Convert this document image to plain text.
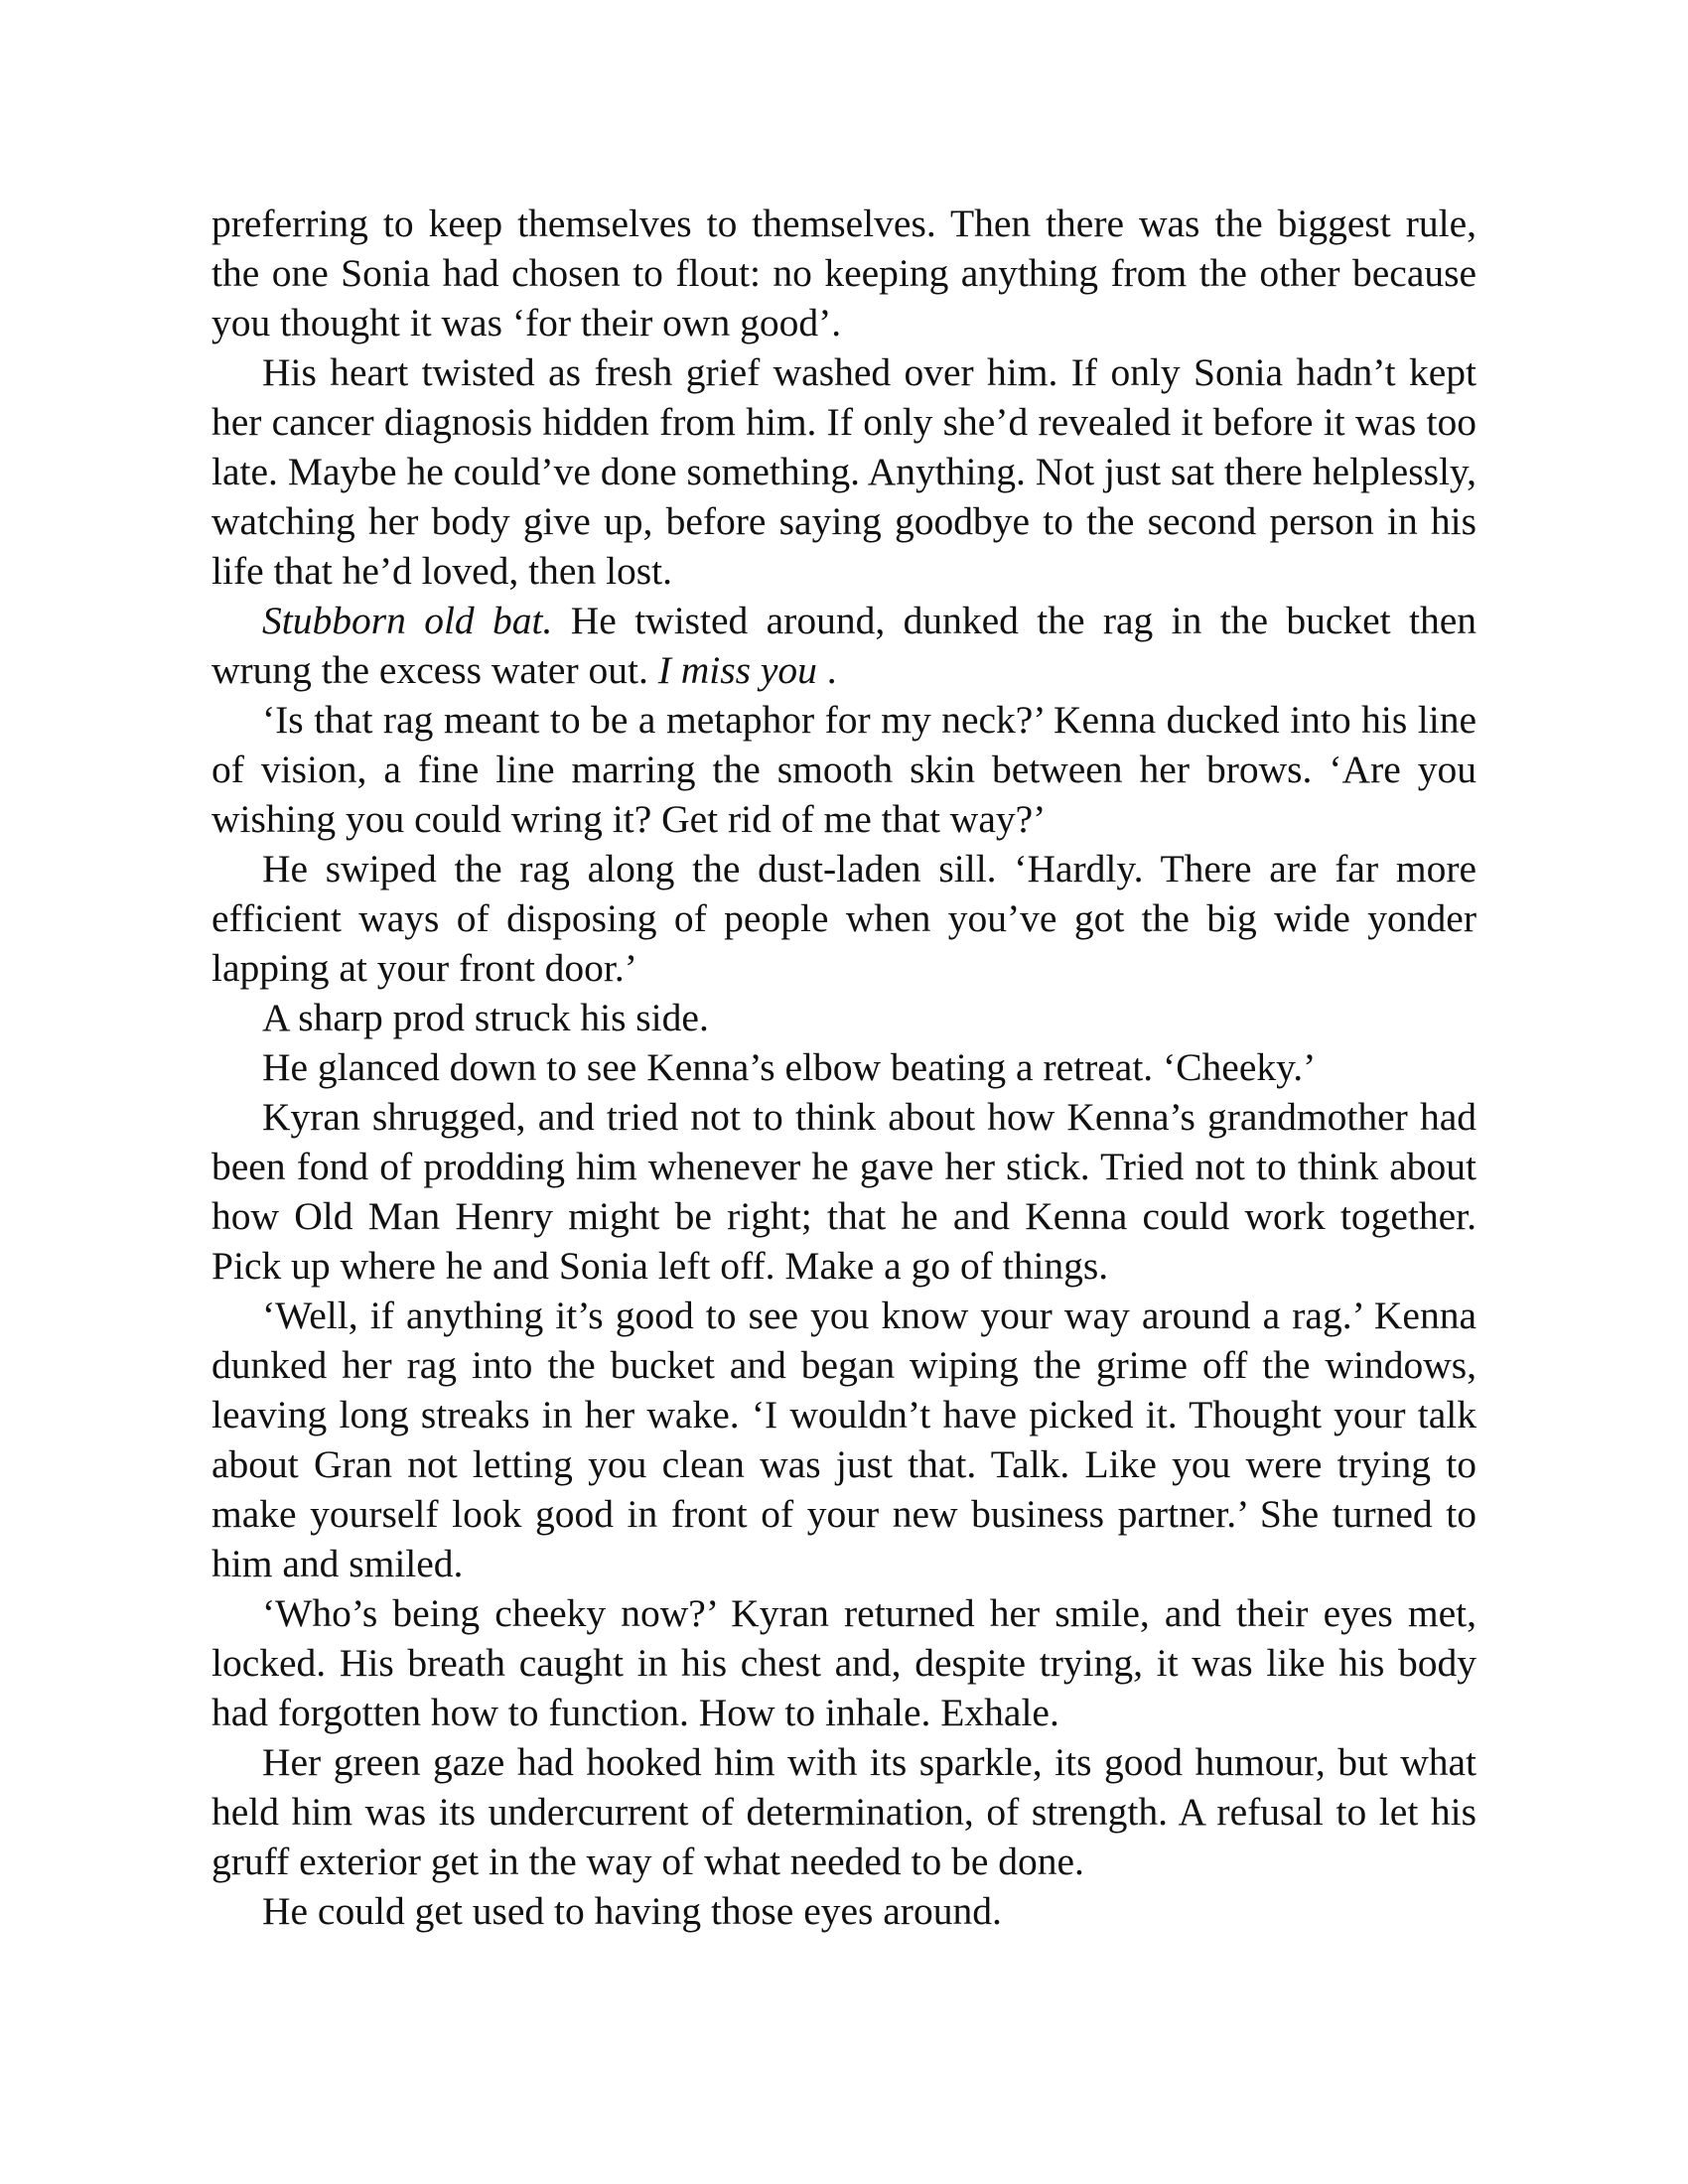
preferring to keep themselves to themselves. Then there was the biggest rule, the one Sonia had chosen to flout: no keeping anything from the other because you thought it was ‘for their own good’.

His heart twisted as fresh grief washed over him. If only Sonia hadn’t kept her cancer diagnosis hidden from him. If only she’d revealed it before it was too late. Maybe he could’ve done something. Anything. Not just sat there helplessly, watching her body give up, before saying goodbye to the second person in his life that he’d loved, then lost.

Stubborn old bat. He twisted around, dunked the rag in the bucket then wrung the excess water out. I miss you .

‘Is that rag meant to be a metaphor for my neck?’ Kenna ducked into his line of vision, a fine line marring the smooth skin between her brows. ‘Are you wishing you could wring it? Get rid of me that way?’

He swiped the rag along the dust-laden sill. ‘Hardly. There are far more efficient ways of disposing of people when you’ve got the big wide yonder lapping at your front door.’

A sharp prod struck his side.

He glanced down to see Kenna’s elbow beating a retreat. ‘Cheeky.’

Kyran shrugged, and tried not to think about how Kenna’s grandmother had been fond of prodding him whenever he gave her stick. Tried not to think about how Old Man Henry might be right; that he and Kenna could work together. Pick up where he and Sonia left off. Make a go of things.

‘Well, if anything it’s good to see you know your way around a rag.’ Kenna dunked her rag into the bucket and began wiping the grime off the windows, leaving long streaks in her wake. ‘I wouldn’t have picked it. Thought your talk about Gran not letting you clean was just that. Talk. Like you were trying to make yourself look good in front of your new business partner.’ She turned to him and smiled.

‘Who’s being cheeky now?’ Kyran returned her smile, and their eyes met, locked. His breath caught in his chest and, despite trying, it was like his body had forgotten how to function. How to inhale. Exhale.

Her green gaze had hooked him with its sparkle, its good humour, but what held him was its undercurrent of determination, of strength. A refusal to let his gruff exterior get in the way of what needed to be done.

He could get used to having those eyes around.
